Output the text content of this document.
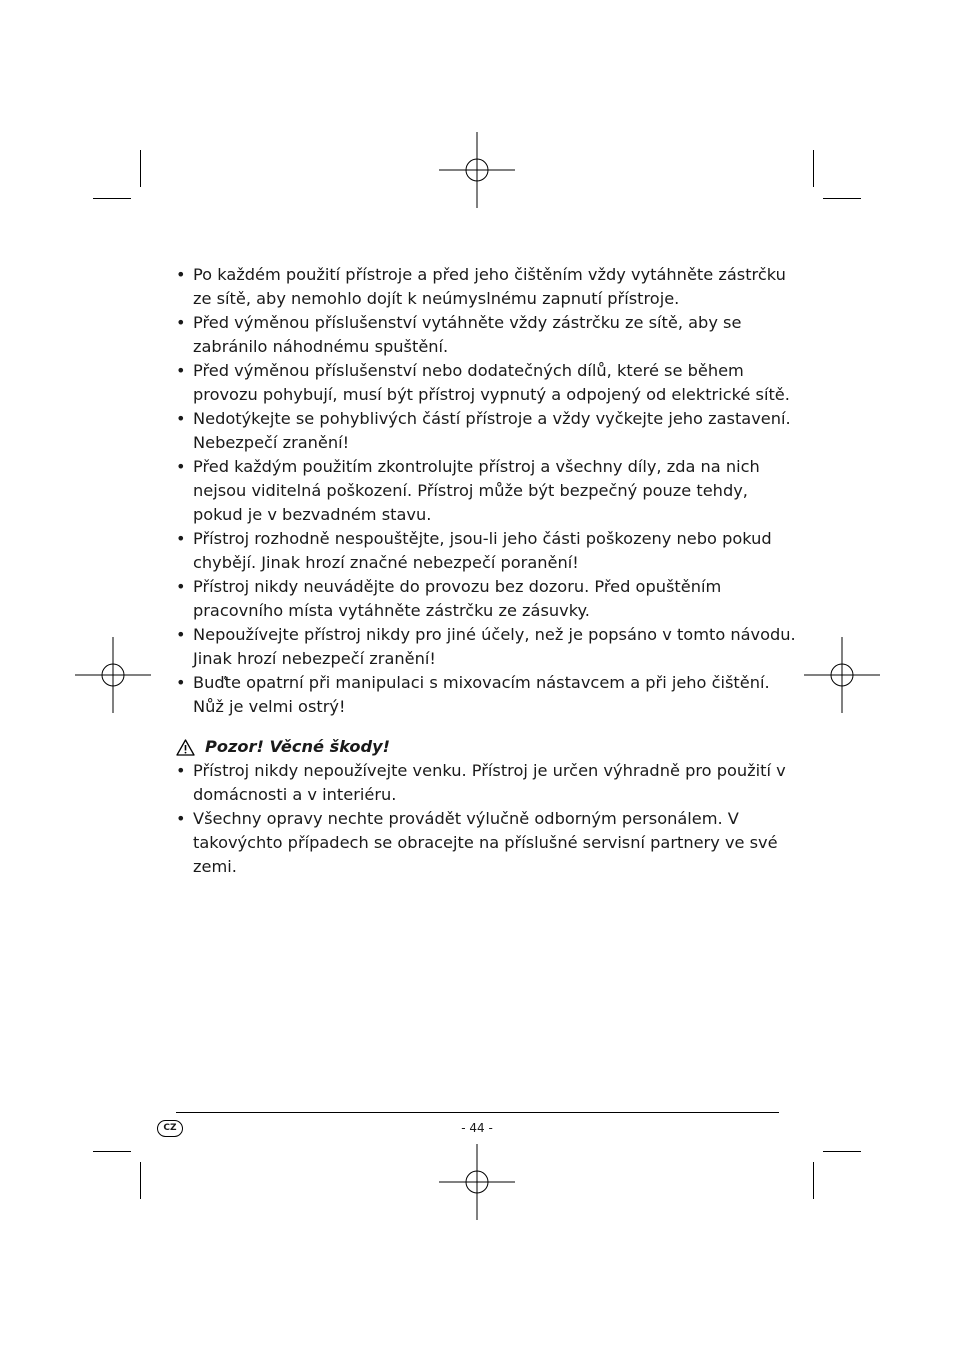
• Po každém použití přístroje a před jeho čištěním vždy vytáhněte zástrčku ze sítě, aby nemohlo dojít k neúmyslnému zapnutí přístroje.
• Před výměnou příslušenství vytáhněte vždy zástrčku ze sítě, aby se zabránilo náhodnému spuštění.
• Před výměnou příslušenství nebo dodatečných dílů, které se během provozu pohybují, musí být přístroj vypnutý a odpojený od elektrické sítě.
• Nedotýkejte se pohyblivých částí přístroje a vždy vyčkejte jeho zastavení. Nebezpečí zranění!
• Před každým použitím zkontrolujte přístroj a všechny díly, zda na nich nejsou viditelná poškození. Přístroj může být bezpečný pouze tehdy, pokud je v bezvadném stavu.
• Přístroj rozhodně nespouštějte, jsou-li jeho části poškozeny nebo pokud chybějí. Jinak hrozí značné nebezpečí poranění!
• Přístroj nikdy neuvádějte do provozu bez dozoru. Před opuštěním pracovního místa vytáhněte zástrčku ze zásuvky.
• Nepoužívejte přístroj nikdy pro jiné účely, než je popsáno v tomto návodu. Jinak hrozí nebezpečí zranění!
• Buďte opatrní při manipulaci s mixovacím nástavcem a při jeho čištění. Nůž je velmi ostrý!
Pozor! Věcné škody!
• Přístroj nikdy nepoužívejte venku. Přístroj je určen výhradně pro použití v domácnosti a v interiéru.
• Všechny opravy nechte provádět výlučně odborným personálem. V takovýchto případech se obracejte na příslušné servisní partnery ve své zemi.
CZ	- 44 -
